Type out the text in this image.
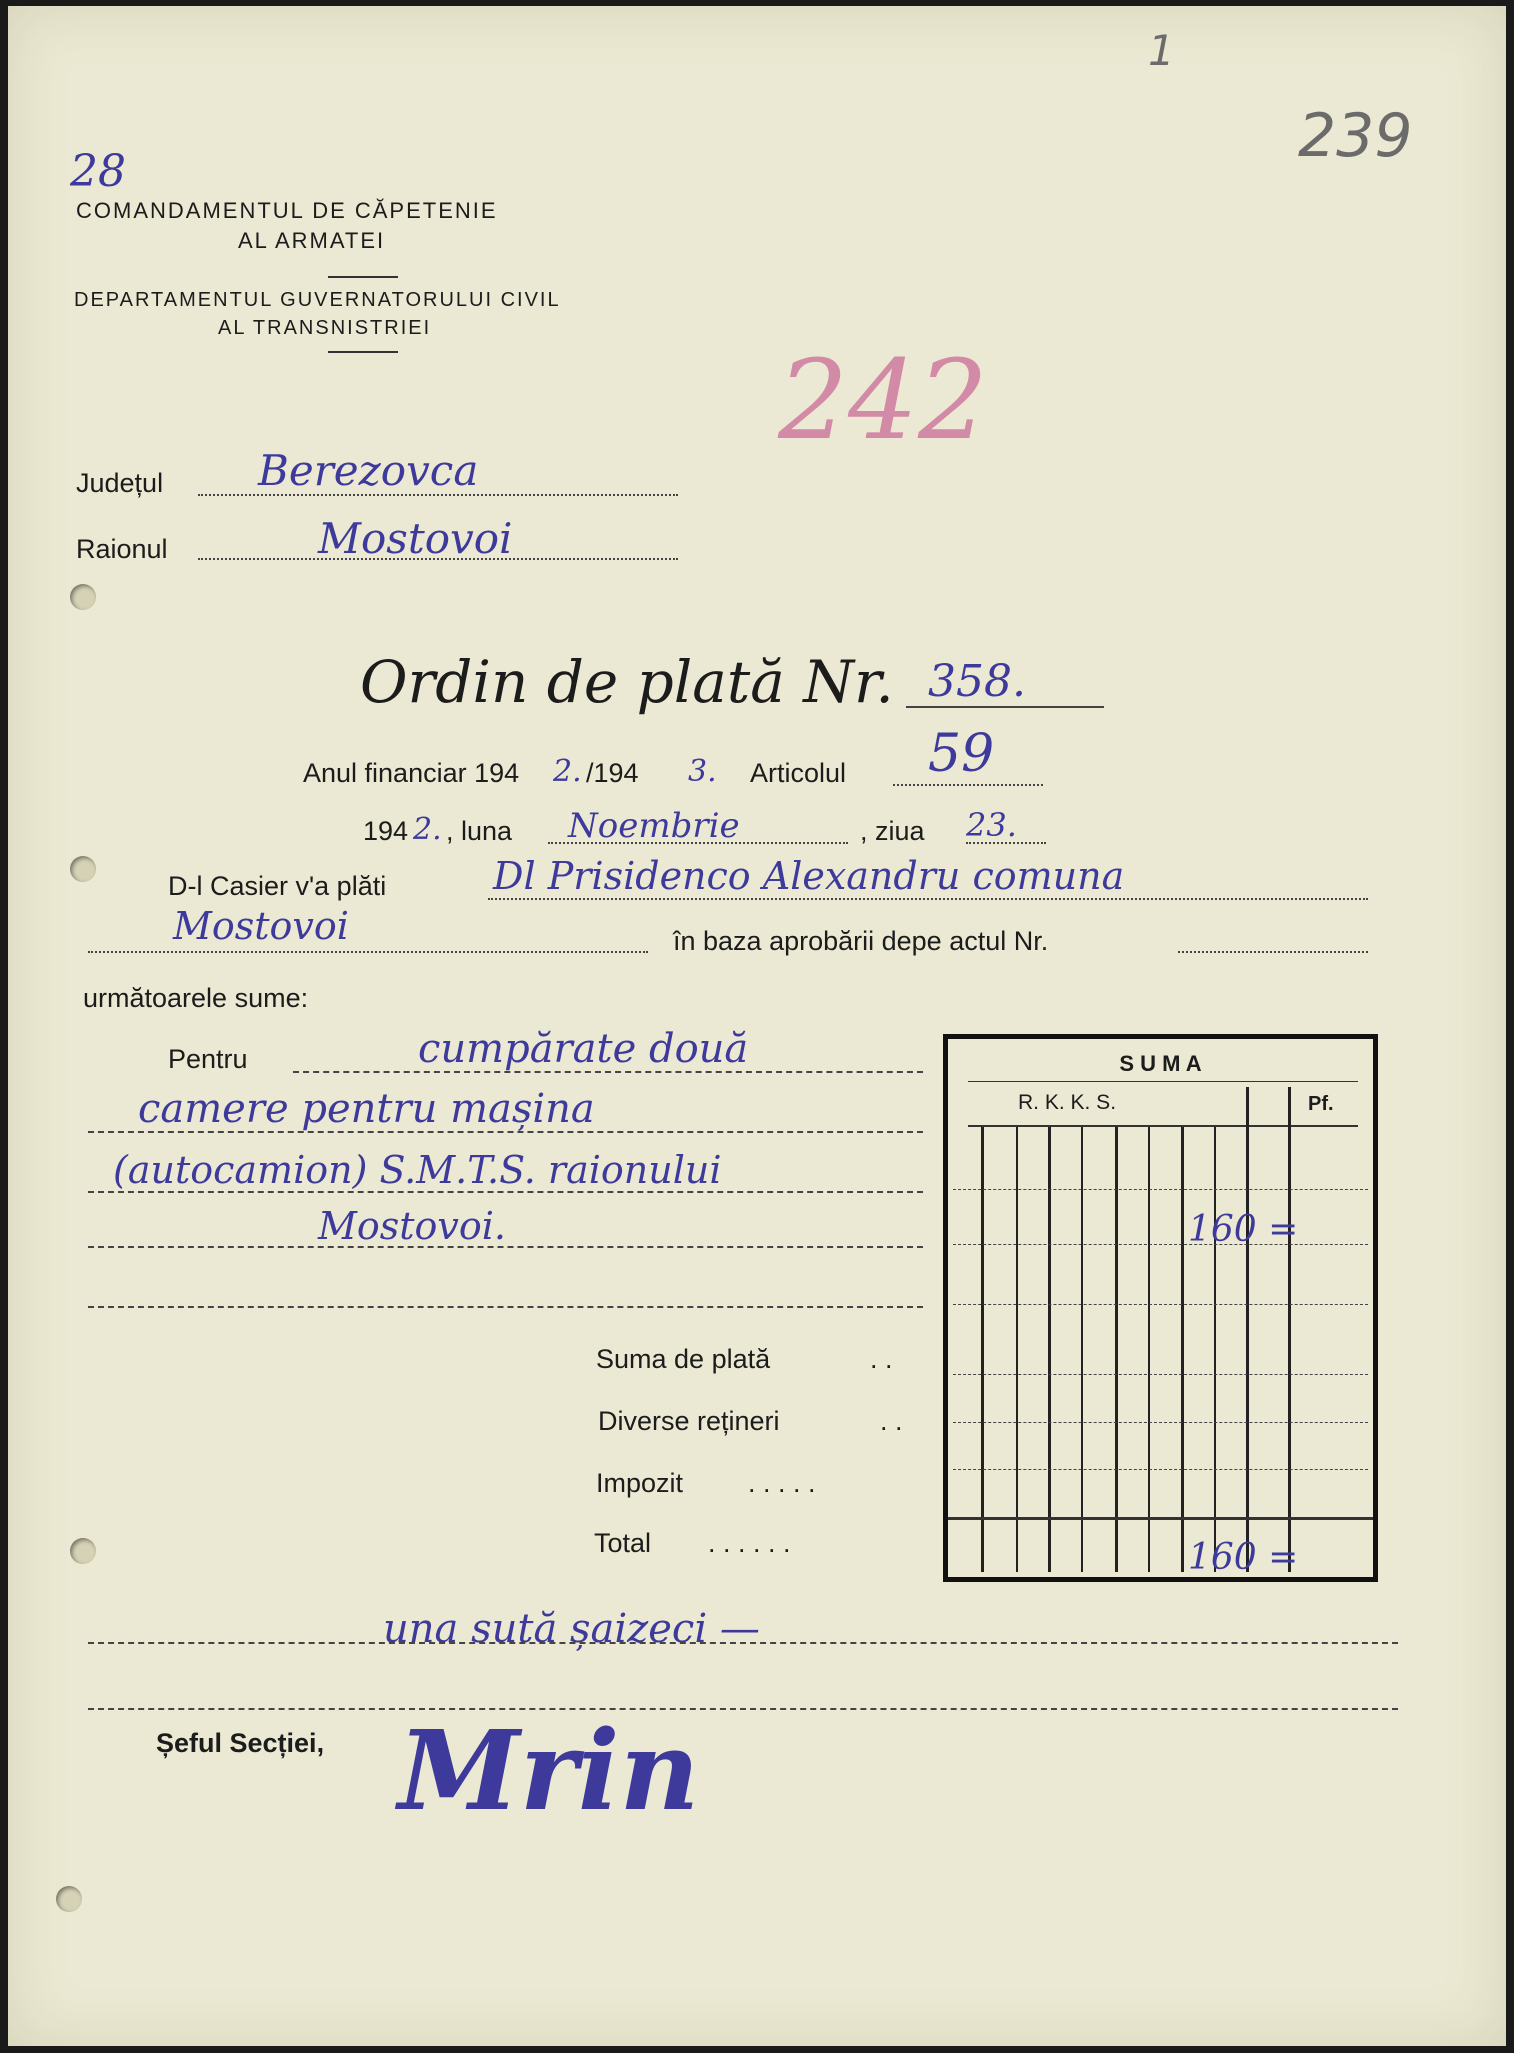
1
239
28
COMANDAMENTUL DE CĂPETENIE
AL ARMATEI
DEPARTAMENTUL GUVERNATORULUI CIVIL
AL TRANSNISTRIEI
242
Județul Berezovca
Raionul	Mostovoi
Ordin de plată Nr. 358.
Anul financiar 194 2. /194 3. Articolul 59
194 2. , luna Noembrie	, ziua 23.
D-l Casier v'a plăti	Dl Prisidenco Alexandru comuna
Mostovoi	în baza aprobării depe actul Nr.
următoarele sume:
Pentru	cumpărate două
camere pentru mașina
(autocamion) S.M.T.S. raionului
Mostovoi.
S U M A
R. K. K. S.	Pf.
160 =
160 =
Suma de plată	. .
Diverse rețineri	. .
Impozit . . . . .
Total . . . . . .
una sută șaizeci —
Șeful Secției, Mrin
